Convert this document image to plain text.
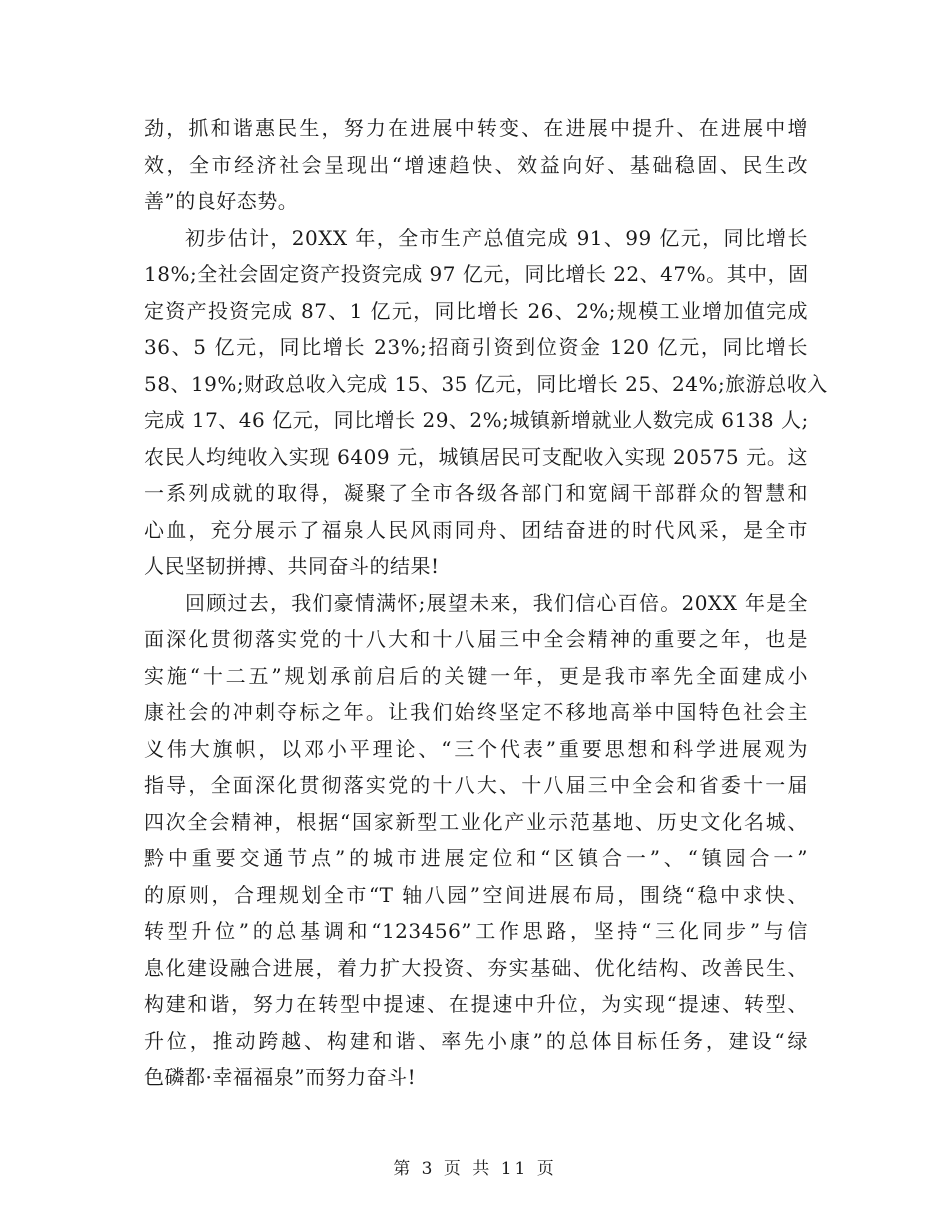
劲，抓和谐惠民生，努力在进展中转变、在进展中提升、在进展中增
效，全市经济社会呈现出“增速趋快、效益向好、基础稳固、民生改
善”的良好态势。
初步估计，20XX 年，全市生产总值完成 91、99 亿元，同比增长
18%;全社会固定资产投资完成 97 亿元，同比增长 22、47%。其中，固
定资产投资完成 87、1 亿元，同比增长 26、2%;规模工业增加值完成
36、5 亿元，同比增长 23%;招商引资到位资金 120 亿元，同比增长
58、19%;财政总收入完成 15、35 亿元，同比增长 25、24%;旅游总收入
完成 17、46 亿元，同比增长 29、2%;城镇新增就业人数完成 6138 人;
农民人均纯收入实现 6409 元，城镇居民可支配收入实现 20575 元。这
一系列成就的取得，凝聚了全市各级各部门和宽阔干部群众的智慧和
心血，充分展示了福泉人民风雨同舟、团结奋进的时代风采，是全市
人民坚韧拼搏、共同奋斗的结果!
回顾过去，我们豪情满怀;展望未来，我们信心百倍。20XX 年是全
面深化贯彻落实党的十八大和十八届三中全会精神的重要之年，也是
实施“十二五”规划承前启后的关键一年，更是我市率先全面建成小
康社会的冲刺夺标之年。让我们始终坚定不移地高举中国特色社会主
义伟大旗帜，以邓小平理论、“三个代表”重要思想和科学进展观为
指导，全面深化贯彻落实党的十八大、十八届三中全会和省委十一届
四次全会精神，根据“国家新型工业化产业示范基地、历史文化名城、
黔中重要交通节点”的城市进展定位和“区镇合一”、“镇园合一”
的原则，合理规划全市“T 轴八园”空间进展布局，围绕“稳中求快、
转型升位”的总基调和“123456”工作思路，坚持“三化同步”与信
息化建设融合进展，着力扩大投资、夯实基础、优化结构、改善民生、
构建和谐，努力在转型中提速、在提速中升位，为实现“提速、转型、
升位，推动跨越、构建和谐、率先小康”的总体目标任务，建设“绿
色磷都·幸福福泉”而努力奋斗!
第 3 页 共 11 页
